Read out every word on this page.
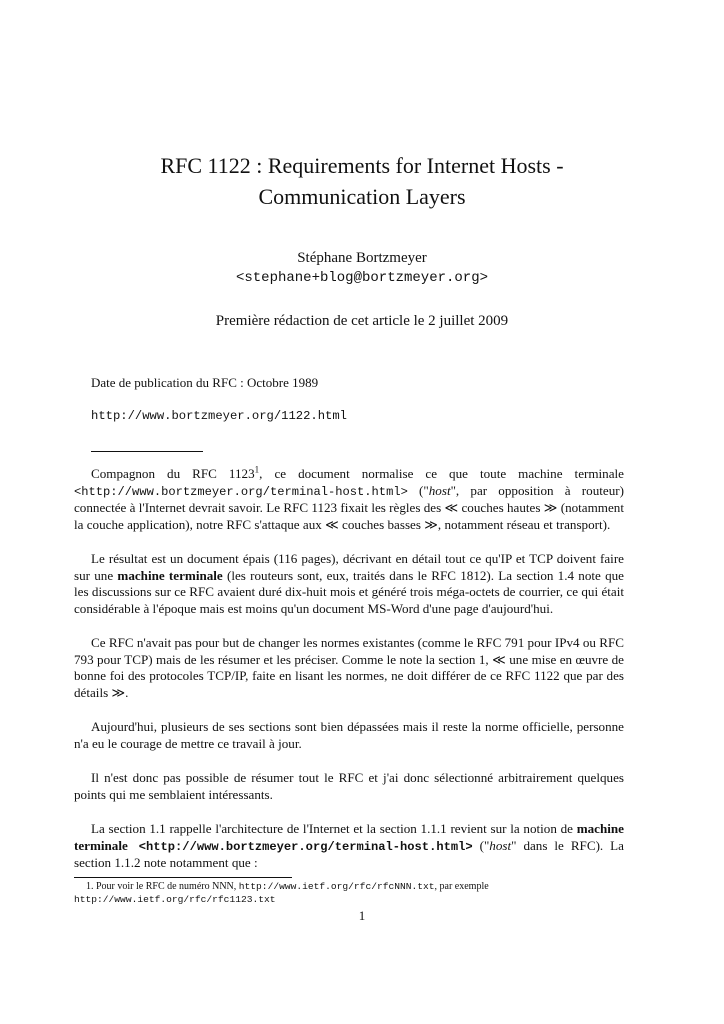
RFC 1122 : Requirements for Internet Hosts - Communication Layers
Stéphane Bortzmeyer
<stephane+blog@bortzmeyer.org>
Première rédaction de cet article le 2 juillet 2009
Date de publication du RFC : Octobre 1989
http://www.bortzmeyer.org/1122.html

Compagnon du RFC 1123$^1$, ce document normalise ce que toute machine terminale <http://www.bortzmeyer.org/terminal-host.html> ("host", par opposition à routeur) connectée à l'Internet devrait savoir. Le RFC 1123 fixait les règles des ≪ couches hautes ≫ (notamment la couche application), notre RFC s'attaque aux ≪ couches basses ≫, notamment réseau et transport).

Le résultat est un document épais (116 pages), décrivant en détail tout ce qu'IP et TCP doivent faire sur une machine terminale (les routeurs sont, eux, traités dans le RFC 1812). La section 1.4 note que les discussions sur ce RFC avaient duré dix-huit mois et généré trois méga-octets de courrier, ce qui était considérable à l'époque mais est moins qu'un document MS-Word d'une page d'aujourd'hui.

Ce RFC n'avait pas pour but de changer les normes existantes (comme le RFC 791 pour IPv4 ou RFC 793 pour TCP) mais de les résumer et les préciser. Comme le note la section 1, ≪ une mise en œuvre de bonne foi des protocoles TCP/IP, faite en lisant les normes, ne doit différer de ce RFC 1122 que par des détails ≫.

Aujourd'hui, plusieurs de ses sections sont bien dépassées mais il reste la norme officielle, personne n'a eu le courage de mettre ce travail à jour.

Il n'est donc pas possible de résumer tout le RFC et j'ai donc sélectionné arbitrairement quelques points qui me semblaient intéressants.

La section 1.1 rappelle l'architecture de l'Internet et la section 1.1.1 revient sur la notion de machine terminale <http://www.bortzmeyer.org/terminal-host.html> ("host" dans le RFC). La section 1.1.2 note notamment que :

1. Pour voir le RFC de numéro NNN, http://www.ietf.org/rfc/rfcNNN.txt, par exemple http://www.ietf.org/rfc/rfc1123.txt
1
